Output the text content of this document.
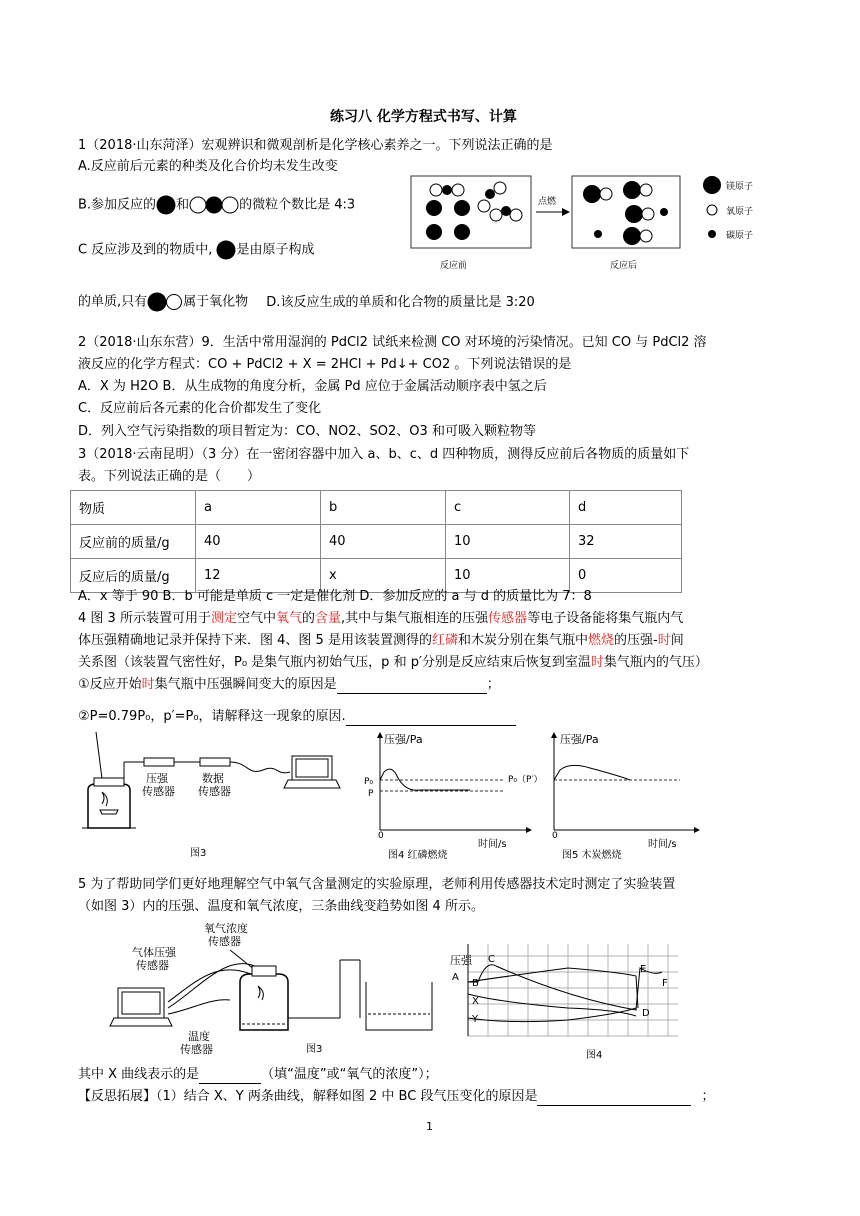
练习八 化学方程式书写、计算
1（2018·山东菏泽）宏观辨识和微观剖析是化学核心素养之一。下列说法正确的是
A.反应前后元素的种类及化合价均未发生改变
B.参加反应的 和	的微粒个数比是 4:3
C 反应涉及到的物质中, 是由原子构成
的单质,只有	属于氧化物 D.该反应生成的单质和化合物的质量比是 3:20
点燃
镁原子
氧原子
碳原子
反应前	反应后
2（2018·山东东营）9．生活中常用湿润的 PdCl2 试纸来检测 CO 对环境的污染情况。已知 CO 与 PdCl2 溶
液反应的化学方程式：CO + PdCl2 + X = 2HCl + Pd↓+ CO2 。下列说法错误的是
A．X 为 H2O B．从生成物的角度分析，金属 Pd 应位于金属活动顺序表中氢之后
C．反应前后各元素的化合价都发生了变化
D．列入空气污染指数的项目暂定为：CO、NO2、SO2、O3 和可吸入颗粒物等
3（2018·云南昆明）（3 分）在一密闭容器中加入 a、b、c、d 四种物质，测得反应前后各物质的质量如下
表。下列说法正确的是（　　）
物质	a	b	c	d
反应前的质量/g	40	40	10	32
反应后的质量/g	12	x	10	0
A．x 等于 90 B．b 可能是单质 c 一定是催化剂 D．参加反应的 a 与 d 的质量比为 7：8
4 图 3 所示装置可用于测定空气中氧气的含量,其中与集气瓶相连的压强传感器等电子设备能将集气瓶内气
体压强精确地记录并保持下来．图 4、图 5 是用该装置测得的红磷和木炭分别在集气瓶中燃烧的压强-时间
关系图（该装置气密性好，P₀ 是集气瓶内初始气压，p 和 p′分别是反应结束后恢复到室温时集气瓶内的气压）
①反应开始时集气瓶中压强瞬间变大的原因是	；
②P=0.79P₀，p′=P₀，请解释这一现象的原因.
压强
传感器
数据
传感器
图3
压强/Pa
时间/s
0
P₀
P
图4 红磷燃烧
压强/Pa
时间/s
0
P₀（P′）
图5 木炭燃烧
5 为了帮助同学们更好地理解空气中氧气含量测定的实验原理，老师利用传感器技术定时测定了实验装置
（如图 3）内的压强、温度和氧气浓度，三条曲线变趋势如图 4 所示。
氧气浓度
传感器
气体压强
传感器
温度
传感器	图3
压强
A
B
C
X
Y
D
E
F
图4
其中 X 曲线表示的是	（填“温度”或“氧气的浓度”）；
【反思拓展】（1）结合 X、Y 两条曲线，解释如图 2 中 BC 段气压变化的原因是	；
1
